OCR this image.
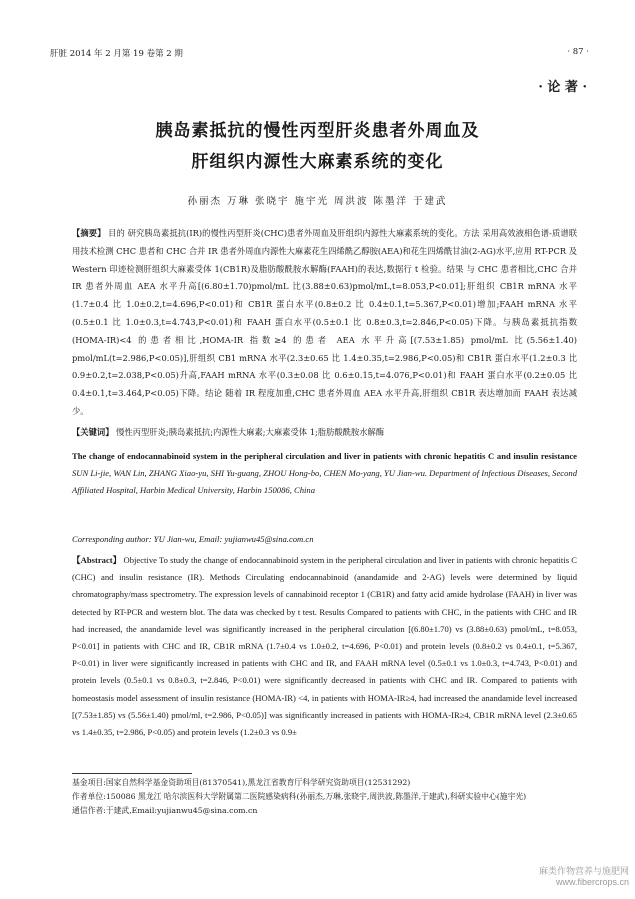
肝脏 2014 年 2 月第 19 卷第 2 期	· 87 ·
· 论 著 ·
胰岛素抵抗的慢性丙型肝炎患者外周血及
肝组织内源性大麻素系统的变化
孙丽杰 万琳 张晓宇 施宇光 周洪波 陈墨洋 于建武
【摘要】 目的 研究胰岛素抵抗(IR)的慢性丙型肝炎(CHC)患者外周血及肝组织内源性大麻素系统的变化。方法 采用高效液相色谱-质谱联用技术检测 CHC 患者和 CHC 合并 IR 患者外周血内源性大麻素花生四烯酰乙醇胺(AEA)和花生四烯酰甘油(2-AG)水平,应用 RT-PCR 及 Western 印迹检测肝组织大麻素受体 1(CB1R)及脂肪酸酰胺水解酶(FAAH)的表达,数据行 t 检验。结果 与 CHC 患者相比,CHC 合并 IR 患者外周血 AEA 水平升高[(6.80±1.70)pmol/mL 比(3.88±0.63)pmol/mL,t=8.053,P<0.01];肝组织 CB1R mRNA 水平(1.7±0.4 比 1.0±0.2,t=4.696,P<0.01)和 CB1R 蛋白水平(0.8±0.2 比 0.4±0.1,t=5.367,P<0.01)增加;FAAH mRNA 水平(0.5±0.1 比 1.0±0.3,t=4.743,P<0.01)和 FAAH 蛋白水平(0.5±0.1 比 0.8±0.3,t=2.846,P<0.05)下降。与胰岛素抵抗指数(HOMA-IR)<4 的患者相比,HOMA-IR 指数≥4 的患者 AEA 水平升高[(7.53±1.85) pmol/mL 比(5.56±1.40) pmol/mL(t=2.986,P<0.05)],肝组织 CB1 mRNA 水平(2.3±0.65 比 1.4±0.35,t=2.986,P<0.05)和 CB1R 蛋白水平(1.2±0.3 比 0.9±0.2,t=2.038,P<0.05)升高,FAAH mRNA 水平(0.3±0.08 比 0.6±0.15,t=4.076,P<0.01)和 FAAH 蛋白水平(0.2±0.05 比 0.4±0.1,t=3.464,P<0.05)下降。结论 随着 IR 程度加重,CHC 患者外周血 AEA 水平升高,肝组织 CB1R 表达增加而 FAAH 表达减少。
【关键词】 慢性丙型肝炎;胰岛素抵抗;内源性大麻素;大麻素受体 1;脂肪酸酰胺水解酶
The change of endocannabinoid system in the peripheral circulation and liver in patients with chronic hepatitis C and insulin resistance SUN Li-jie, WAN Lin, ZHANG Xiao-yu, SHI Yu-guang, ZHOU Hong-bo, CHEN Mo-yang, YU Jian-wu. Department of Infectious Diseases, Second Affiliated Hospital, Harbin Medical University, Harbin 150086, China
Corresponding author: YU Jian-wu, Email: yujianwu45@sina.com.cn
【Abstract】 Objective To study the change of endocannabinoid system in the peripheral circulation and liver in patients with chronic hepatitis C (CHC) and insulin resistance (IR). Methods Circulating endocannabinoid (anandamide and 2-AG) levels were determined by liquid chromatography/mass spectrometry. The expression levels of cannabinoid receptor 1 (CB1R) and fatty acid amide hydrolase (FAAH) in liver was detected by RT-PCR and western blot. The data was checked by t test. Results Compared to patients with CHC, in the patients with CHC and IR had increased, the anandamide level was significantly increased in the peripheral circulation [(6.80±1.70) vs (3.88±0.63) pmol/mL, t=8.053, P<0.01] in patients with CHC and IR, CB1R mRNA (1.7±0.4 vs 1.0±0.2, t=4.696, P<0.01) and protein levels (0.8±0.2 vs 0.4±0.1, t=5.367, P<0.01) in liver were significantly increased in patients with CHC and IR, and FAAH mRNA level (0.5±0.1 vs 1.0±0.3, t=4.743, P<0.01) and protein levels (0.5±0.1 vs 0.8±0.3, t=2.846, P<0.01) were significantly decreased in patients with CHC and IR. Compared to patients with homeostasis model assessment of insulin resistance (HOMA-IR) <4, in patients with HOMA-IR≥4, had increased the anandamide level increased [(7.53±1.85) vs (5.56±1.40) pmol/ml, t=2.986, P<0.05)] was significantly increased in patients with HOMA-IR≥4, CB1R mRNA level (2.3±0.65 vs 1.4±0.35, t=2.986, P<0.05) and protein levels (1.2±0.3 vs 0.9±
基金项目:国家自然科学基金资助项目(81370541),黑龙江省教育厅科学研究资助项目(12531292)
作者单位:150086 黑龙江 哈尔滨医科大学附属第二医院感染病科(孙丽杰,万琳,张晓宇,周洪波,陈墨洋,于建武),科研实验中心(施宇光)
通信作者:于建武,Email:yujianwu45@sina.com.cn
麻类作物营养与施肥网
www.fibercrops.cn
